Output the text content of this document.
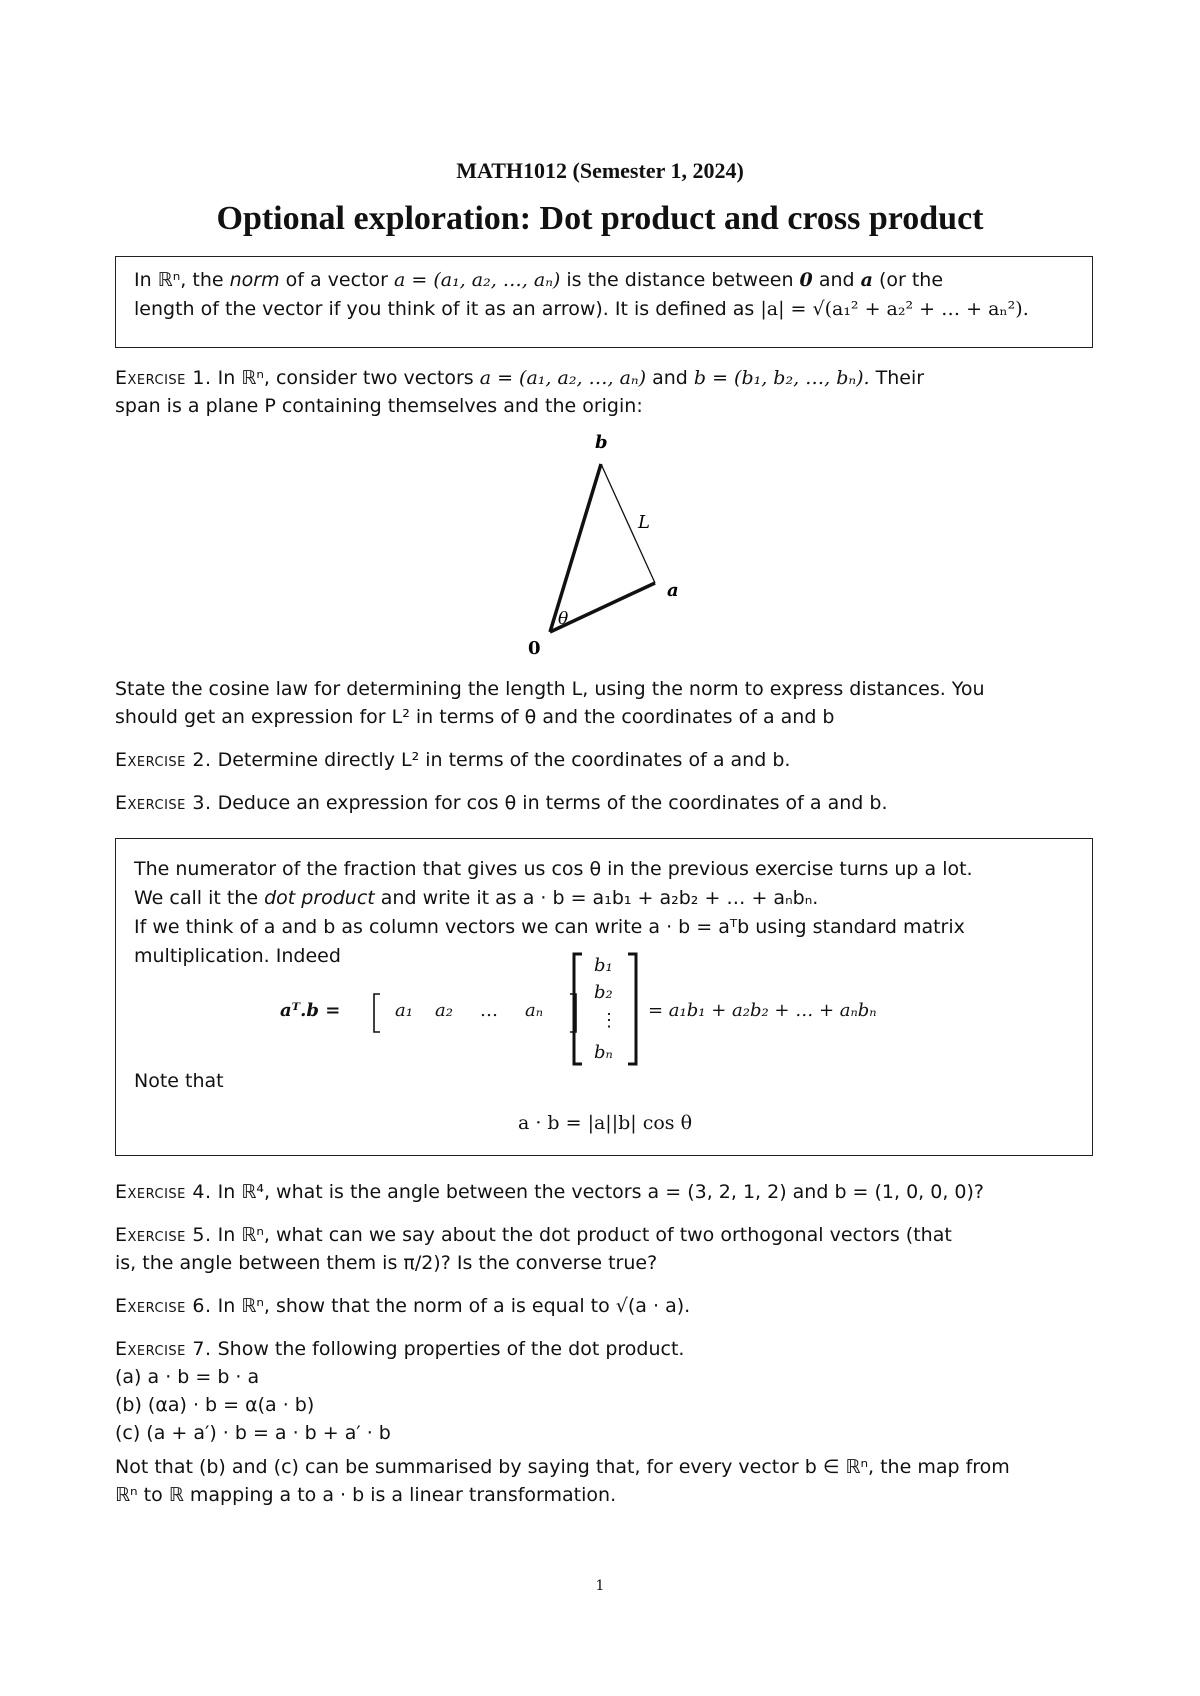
MATH1012 (Semester 1, 2024)
Optional exploration: Dot product and cross product
In ℝⁿ, the norm of a vector a = (a₁, a₂, …, aₙ) is the distance between 0 and a (or the
length of the vector if you think of it as an arrow). It is defined as |a| = √(a₁² + a₂² + … + aₙ²).
Exercise 1. In ℝⁿ, consider two vectors a = (a₁, a₂, …, aₙ) and b = (b₁, b₂, …, bₙ). Their
span is a plane P containing themselves and the origin:
b
a
L
θ
0
State the cosine law for determining the length L, using the norm to express distances. You
should get an expression for L² in terms of θ and the coordinates of a and b
Exercise 2. Determine directly L² in terms of the coordinates of a and b.
Exercise 3. Deduce an expression for cos θ in terms of the coordinates of a and b.
The numerator of the fraction that gives us cos θ in the previous exercise turns up a lot.
We call it the dot product and write it as a · b = a₁b₁ + a₂b₂ + … + aₙbₙ.
If we think of a and b as column vectors we can write a · b = aᵀb using standard matrix
multiplication. Indeed
Note that
a · b = |a||b| cos θ
aᵀ.b =	a₁ a₂ … aₙ
b₁
b₂
⋮
bₙ
= a₁b₁ + a₂b₂ + … + aₙbₙ
Exercise 4. In ℝ⁴, what is the angle between the vectors a = (3, 2, 1, 2) and b = (1, 0, 0, 0)?
Exercise 5. In ℝⁿ, what can we say about the dot product of two orthogonal vectors (that
is, the angle between them is π/2)? Is the converse true?
Exercise 6. In ℝⁿ, show that the norm of a is equal to √(a · a).
Exercise 7. Show the following properties of the dot product.
(a) a · b = b · a
(b) (αa) · b = α(a · b)
(c) (a + a′) · b = a · b + a′ · b
Not that (b) and (c) can be summarised by saying that, for every vector b ∈ ℝⁿ, the map from
ℝⁿ to ℝ mapping a to a · b is a linear transformation.
1
